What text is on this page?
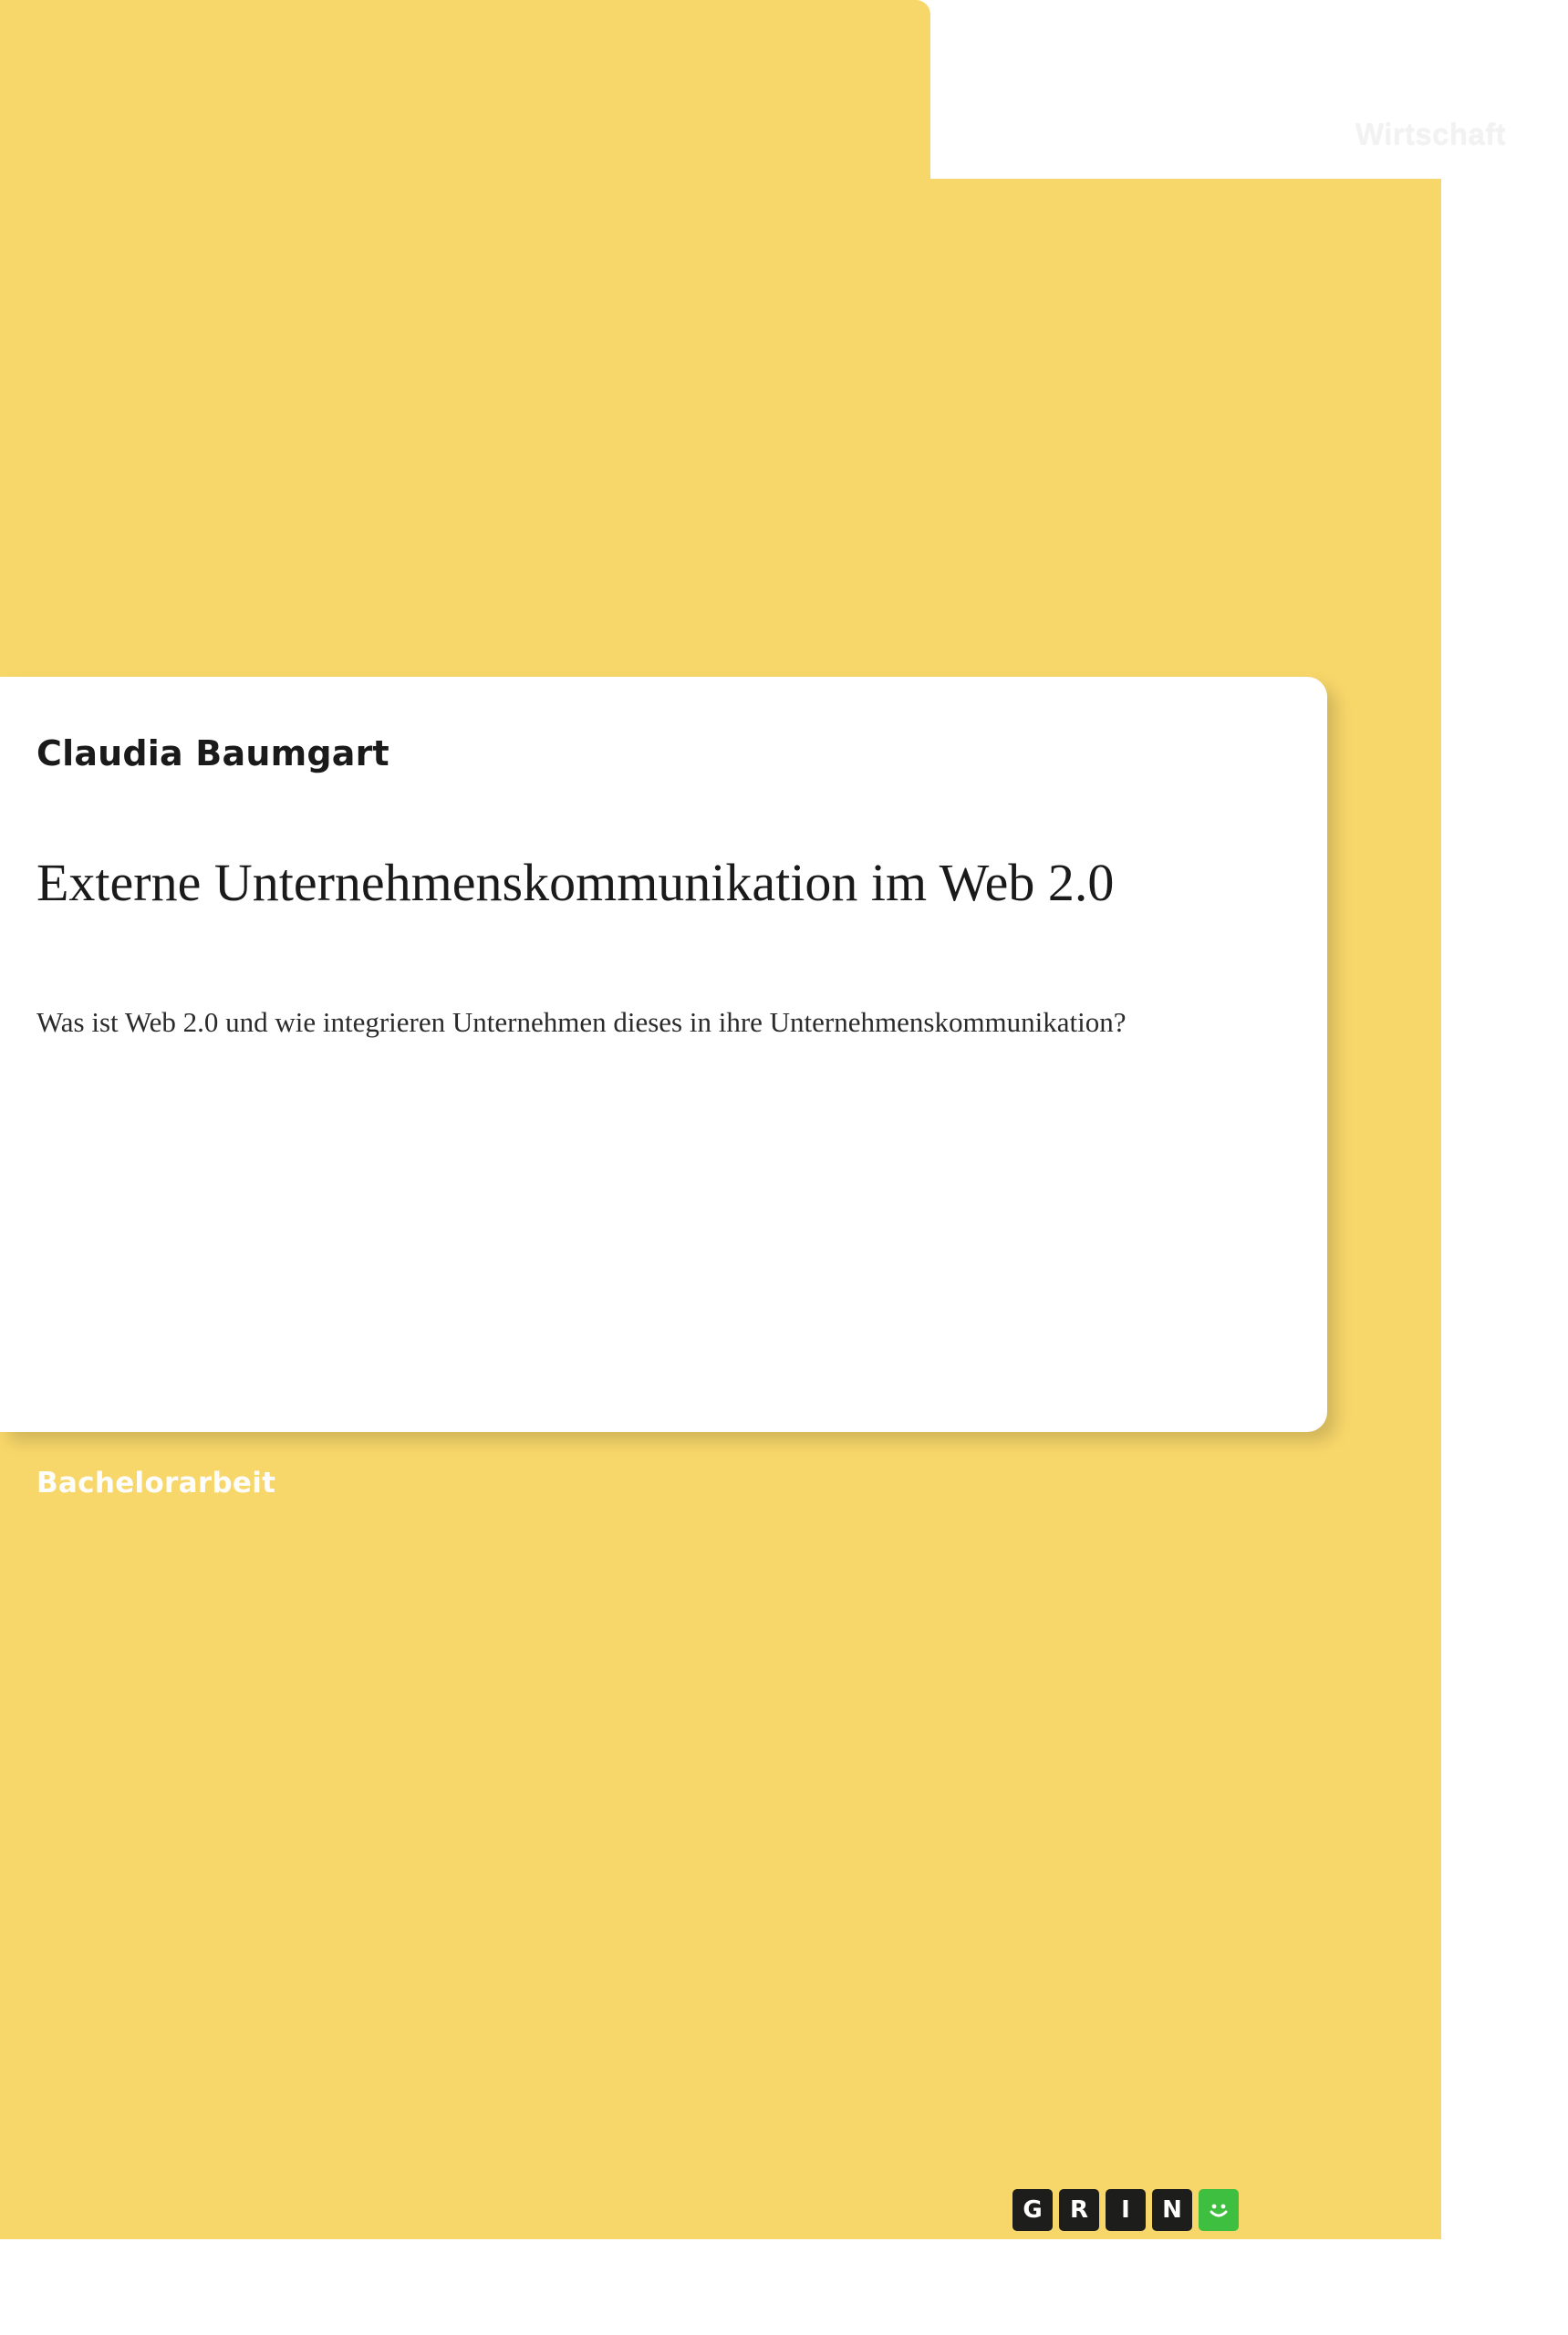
Wirtschaft
Claudia Baumgart
Externe Unternehmenskommunikation im Web 2.0
Was ist Web 2.0 und wie integrieren Unternehmen dieses in ihre Unternehmenskommunikation?
Bachelorarbeit
G	R	I	N
